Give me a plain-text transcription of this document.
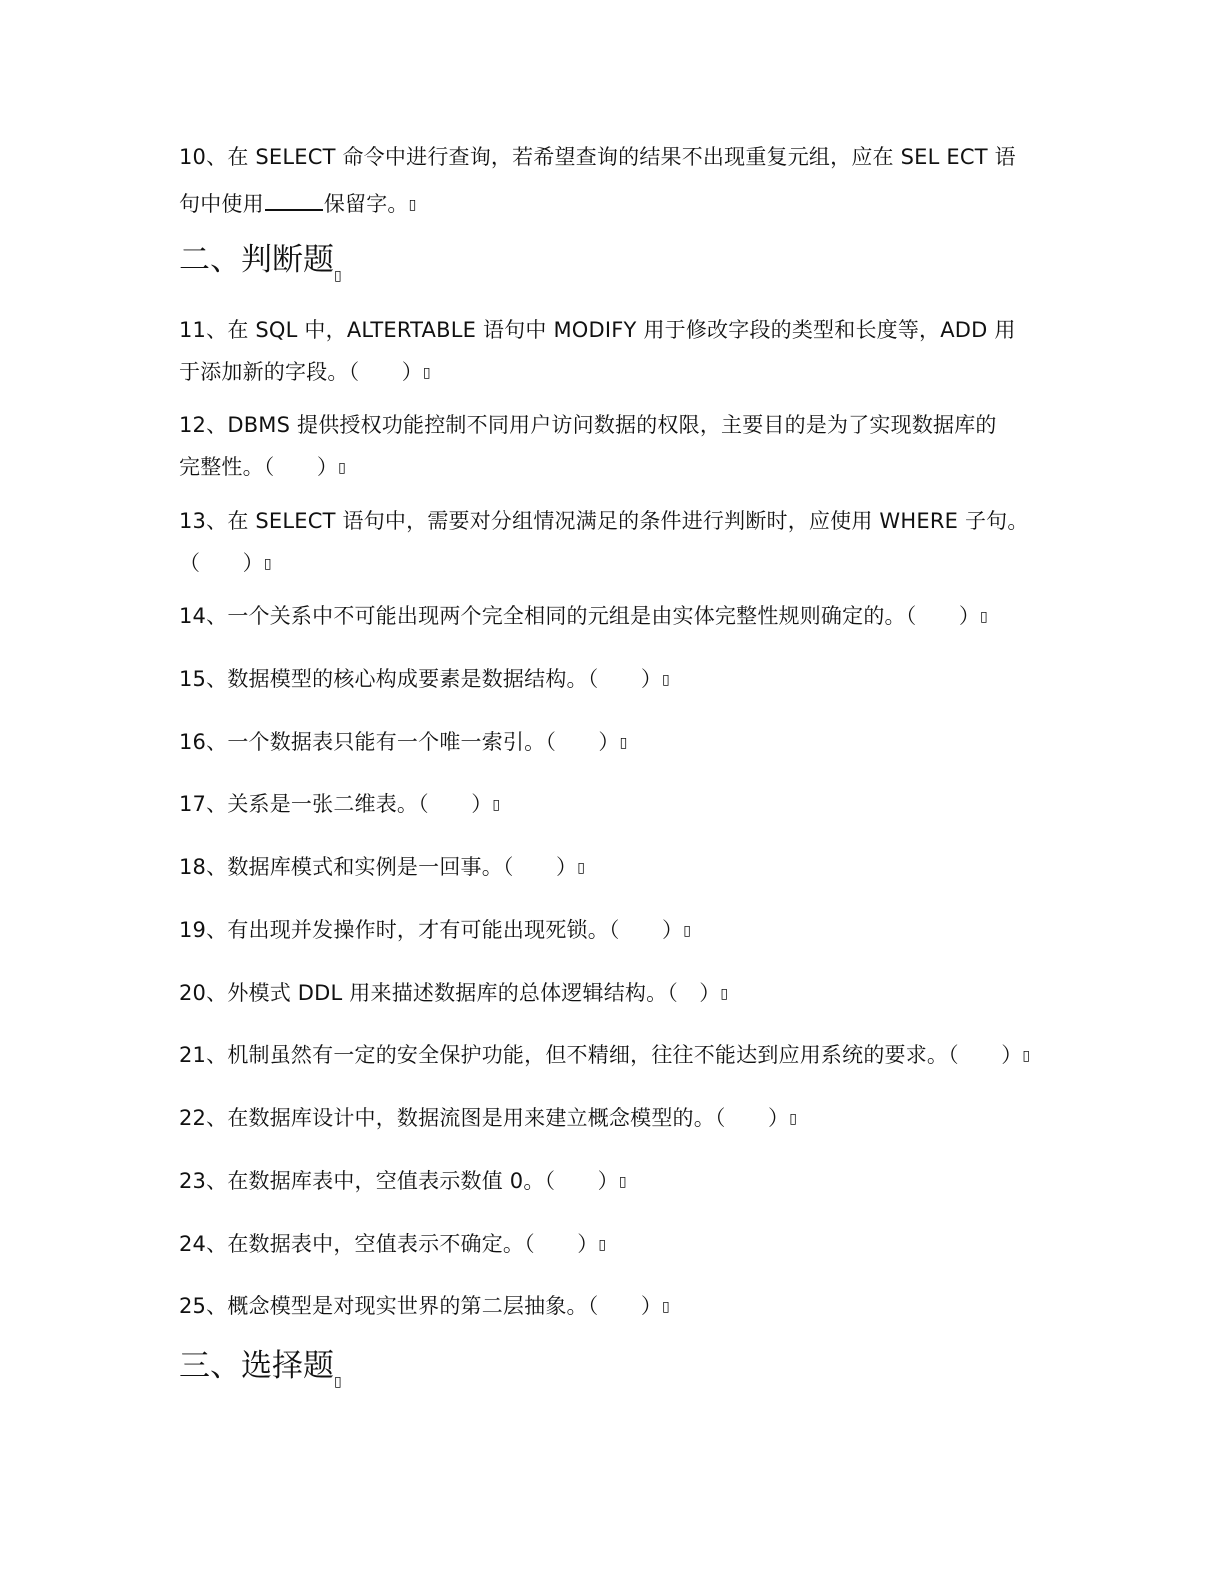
10、在 SELECT 命令中进行查询，若希望查询的结果不出现重复元组，应在 SEL ECT 语
句中使用	保留字。▯
二、判断题$_▯$
11、在 SQL 中，ALTERTABLE 语句中 MODIFY 用于修改字段的类型和长度等，ADD 用
于添加新的字段。（　　）▯
12、DBMS 提供授权功能控制不同用户访问数据的权限，主要目的是为了实现数据库的
完整性。（　　）▯
13、在 SELECT 语句中，需要对分组情况满足的条件进行判断时，应使用 WHERE 子句。
（　　）▯
14、一个关系中不可能出现两个完全相同的元组是由实体完整性规则确定的。（　　）▯
15、数据模型的核心构成要素是数据结构。（　　）▯
16、一个数据表只能有一个唯一索引。（　　）▯
17、关系是一张二维表。（　　）▯
18、数据库模式和实例是一回事。（　　）▯
19、有出现并发操作时，才有可能出现死锁。（　　）▯
20、外模式 DDL 用来描述数据库的总体逻辑结构。（　）▯
21、机制虽然有一定的安全保护功能，但不精细，往往不能达到应用系统的要求。（　　）▯
22、在数据库设计中，数据流图是用来建立概念模型的。（　　）▯
23、在数据库表中，空值表示数值 0。（　　）▯
24、在数据表中，空值表示不确定。（　　）▯
25、概念模型是对现实世界的第二层抽象。（　　）▯
三、选择题$_▯$
